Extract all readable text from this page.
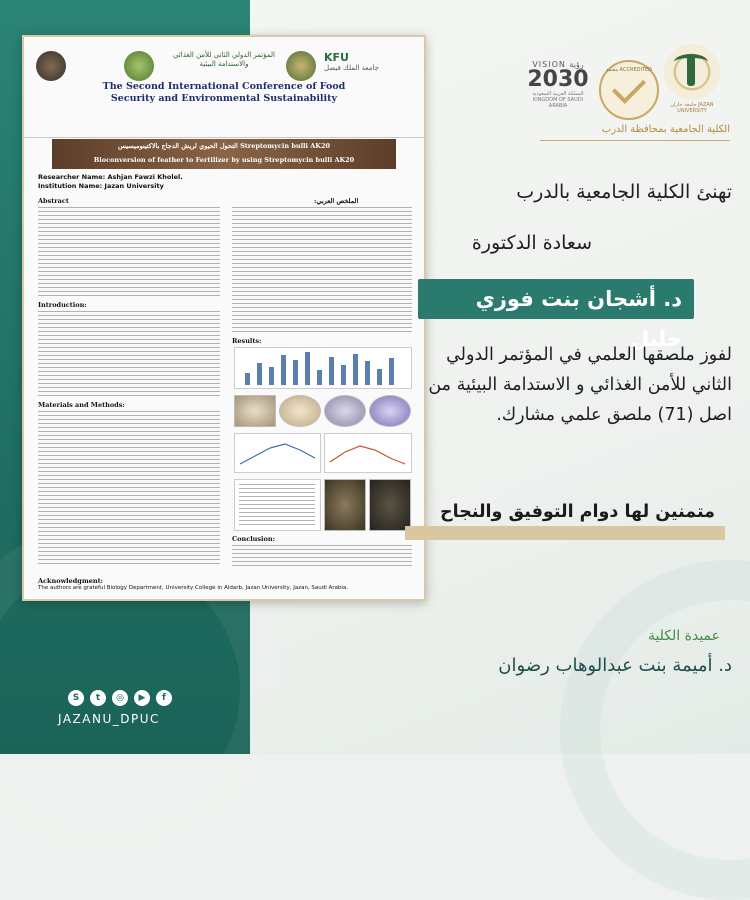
المؤتمر الدولي الثاني للأمن الغذائي والاستدامة البيئية	KFU
جامعة الملك فيصل
The Second International Conference of Food Security and Environmental Sustainability
التحول الحيوي لريش الدجاج بالاكتينوميسيس Streptomycin bulli AK20
Bioconversion of feather to Fertilizer by using Streptomycin bulli AK20
Researcher Name: Ashjan Fawzi Kholel.
Institution Name: Jazan University
Abstract
Introduction:
Materials and Methods:
الملخص العربي:
Results:
Conclusion:
Acknowledgment:
The authors are grateful Biology Department, University College in Aldarb, Jazan University, Jazan, Saudi Arabia.
VISION رؤية
2030
المملكة العربية السعودية KINGDOM OF SAUDI ARABIA
معتمد ACCREDITED
جامعة جازان JAZAN UNIVERSITY
الكلية الجامعية بمحافظة الدرب
تهنئ الكلية الجامعية بالدرب
سعادة الدكتورة
د. أشجان بنت فوزي خليل
لفوز ملصقها العلمي في المؤتمر الدولي الثاني للأمن الغذائي و الاستدامة البيئية من اصل (71) ملصق علمي مشارك.
متمنين لها دوام التوفيق والنجاح
عميدة الكلية
د. أميمة بنت عبدالوهاب رضوان
S	t	◎	▶	f
JAZANU_DPUC
